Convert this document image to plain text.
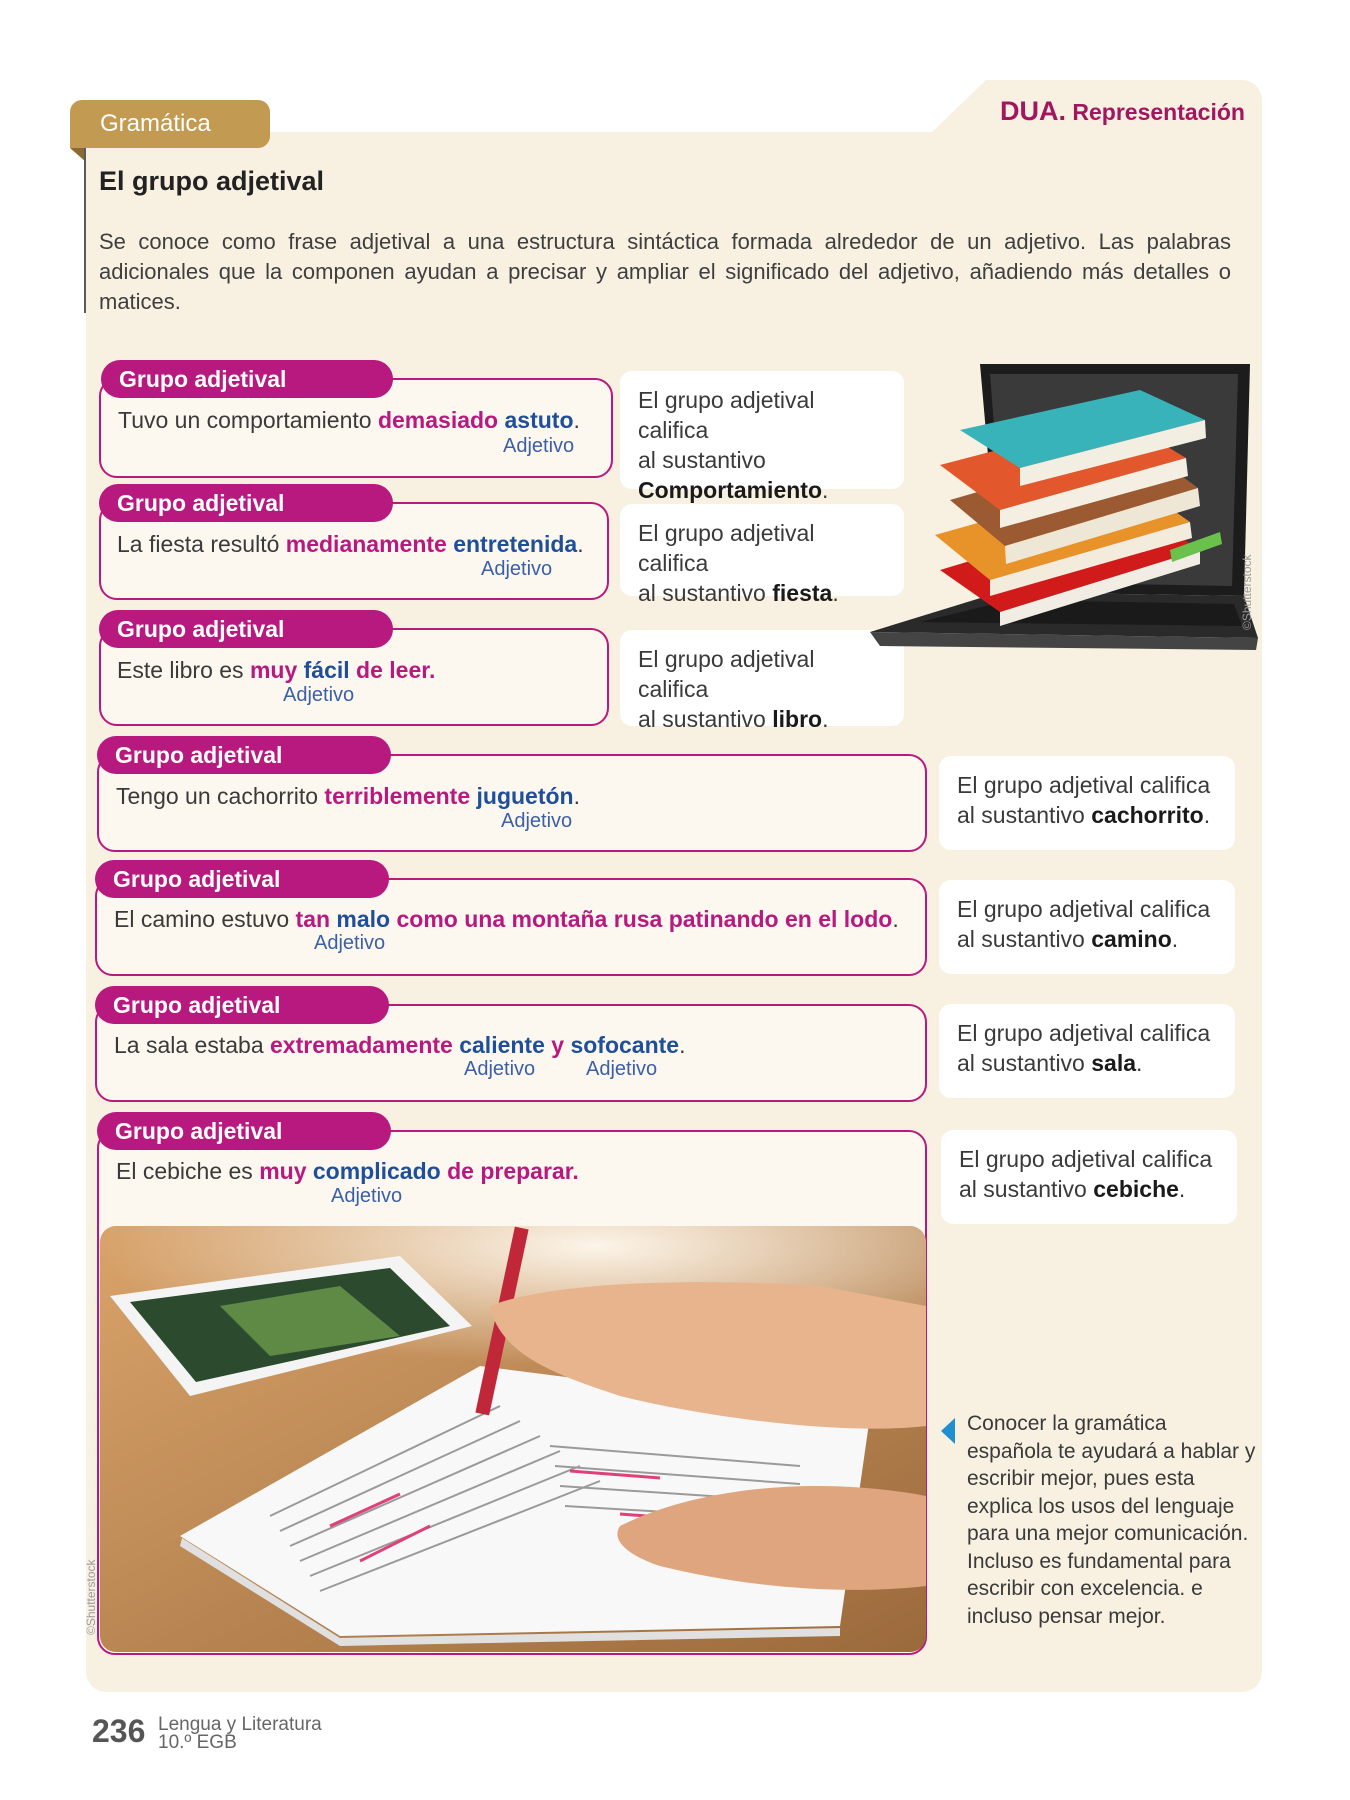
DUA. Representación
Gramática
El grupo adjetival
Se conoce como frase adjetival a una estructura sintáctica formada alrededor de un adjetivo. Las palabras adicionales que la componen ayudan a precisar y ampliar el significado del adjetivo, añadiendo más detalles o matices.
Grupo adjetival
Tuvo un comportamiento demasiado astuto.
Adjetivo
El grupo adjetival califica
al sustantivo
Comportamiento.
Grupo adjetival
La fiesta resultó medianamente entretenida.
Adjetivo
El grupo adjetival califica
al sustantivo fiesta.
Grupo adjetival
Este libro es muy fácil de leer.
Adjetivo
El grupo adjetival califica
al sustantivo libro.
Grupo adjetival
Tengo un cachorrito terriblemente juguetón.
Adjetivo
El grupo adjetival califica
al sustantivo cachorrito.
Grupo adjetival
El camino estuvo tan malo como una montaña rusa patinando en el lodo.
Adjetivo
El grupo adjetival califica
al sustantivo camino.
Grupo adjetival
La sala estaba extremadamente caliente y sofocante.
Adjetivo	Adjetivo
El grupo adjetival califica
al sustantivo sala.
Grupo adjetival
El cebiche es muy complicado de preparar.
Adjetivo
El grupo adjetival califica
al sustantivo cebiche.
©Shutterstock
©Shutterstock
Conocer la gramática española te ayudará a hablar y escribir mejor, pues esta explica los usos del lenguaje para una mejor comunicación. Incluso es fundamental para escribir con excelencia. e incluso pensar mejor.
236 Lengua y Literatura
10.º EGB
